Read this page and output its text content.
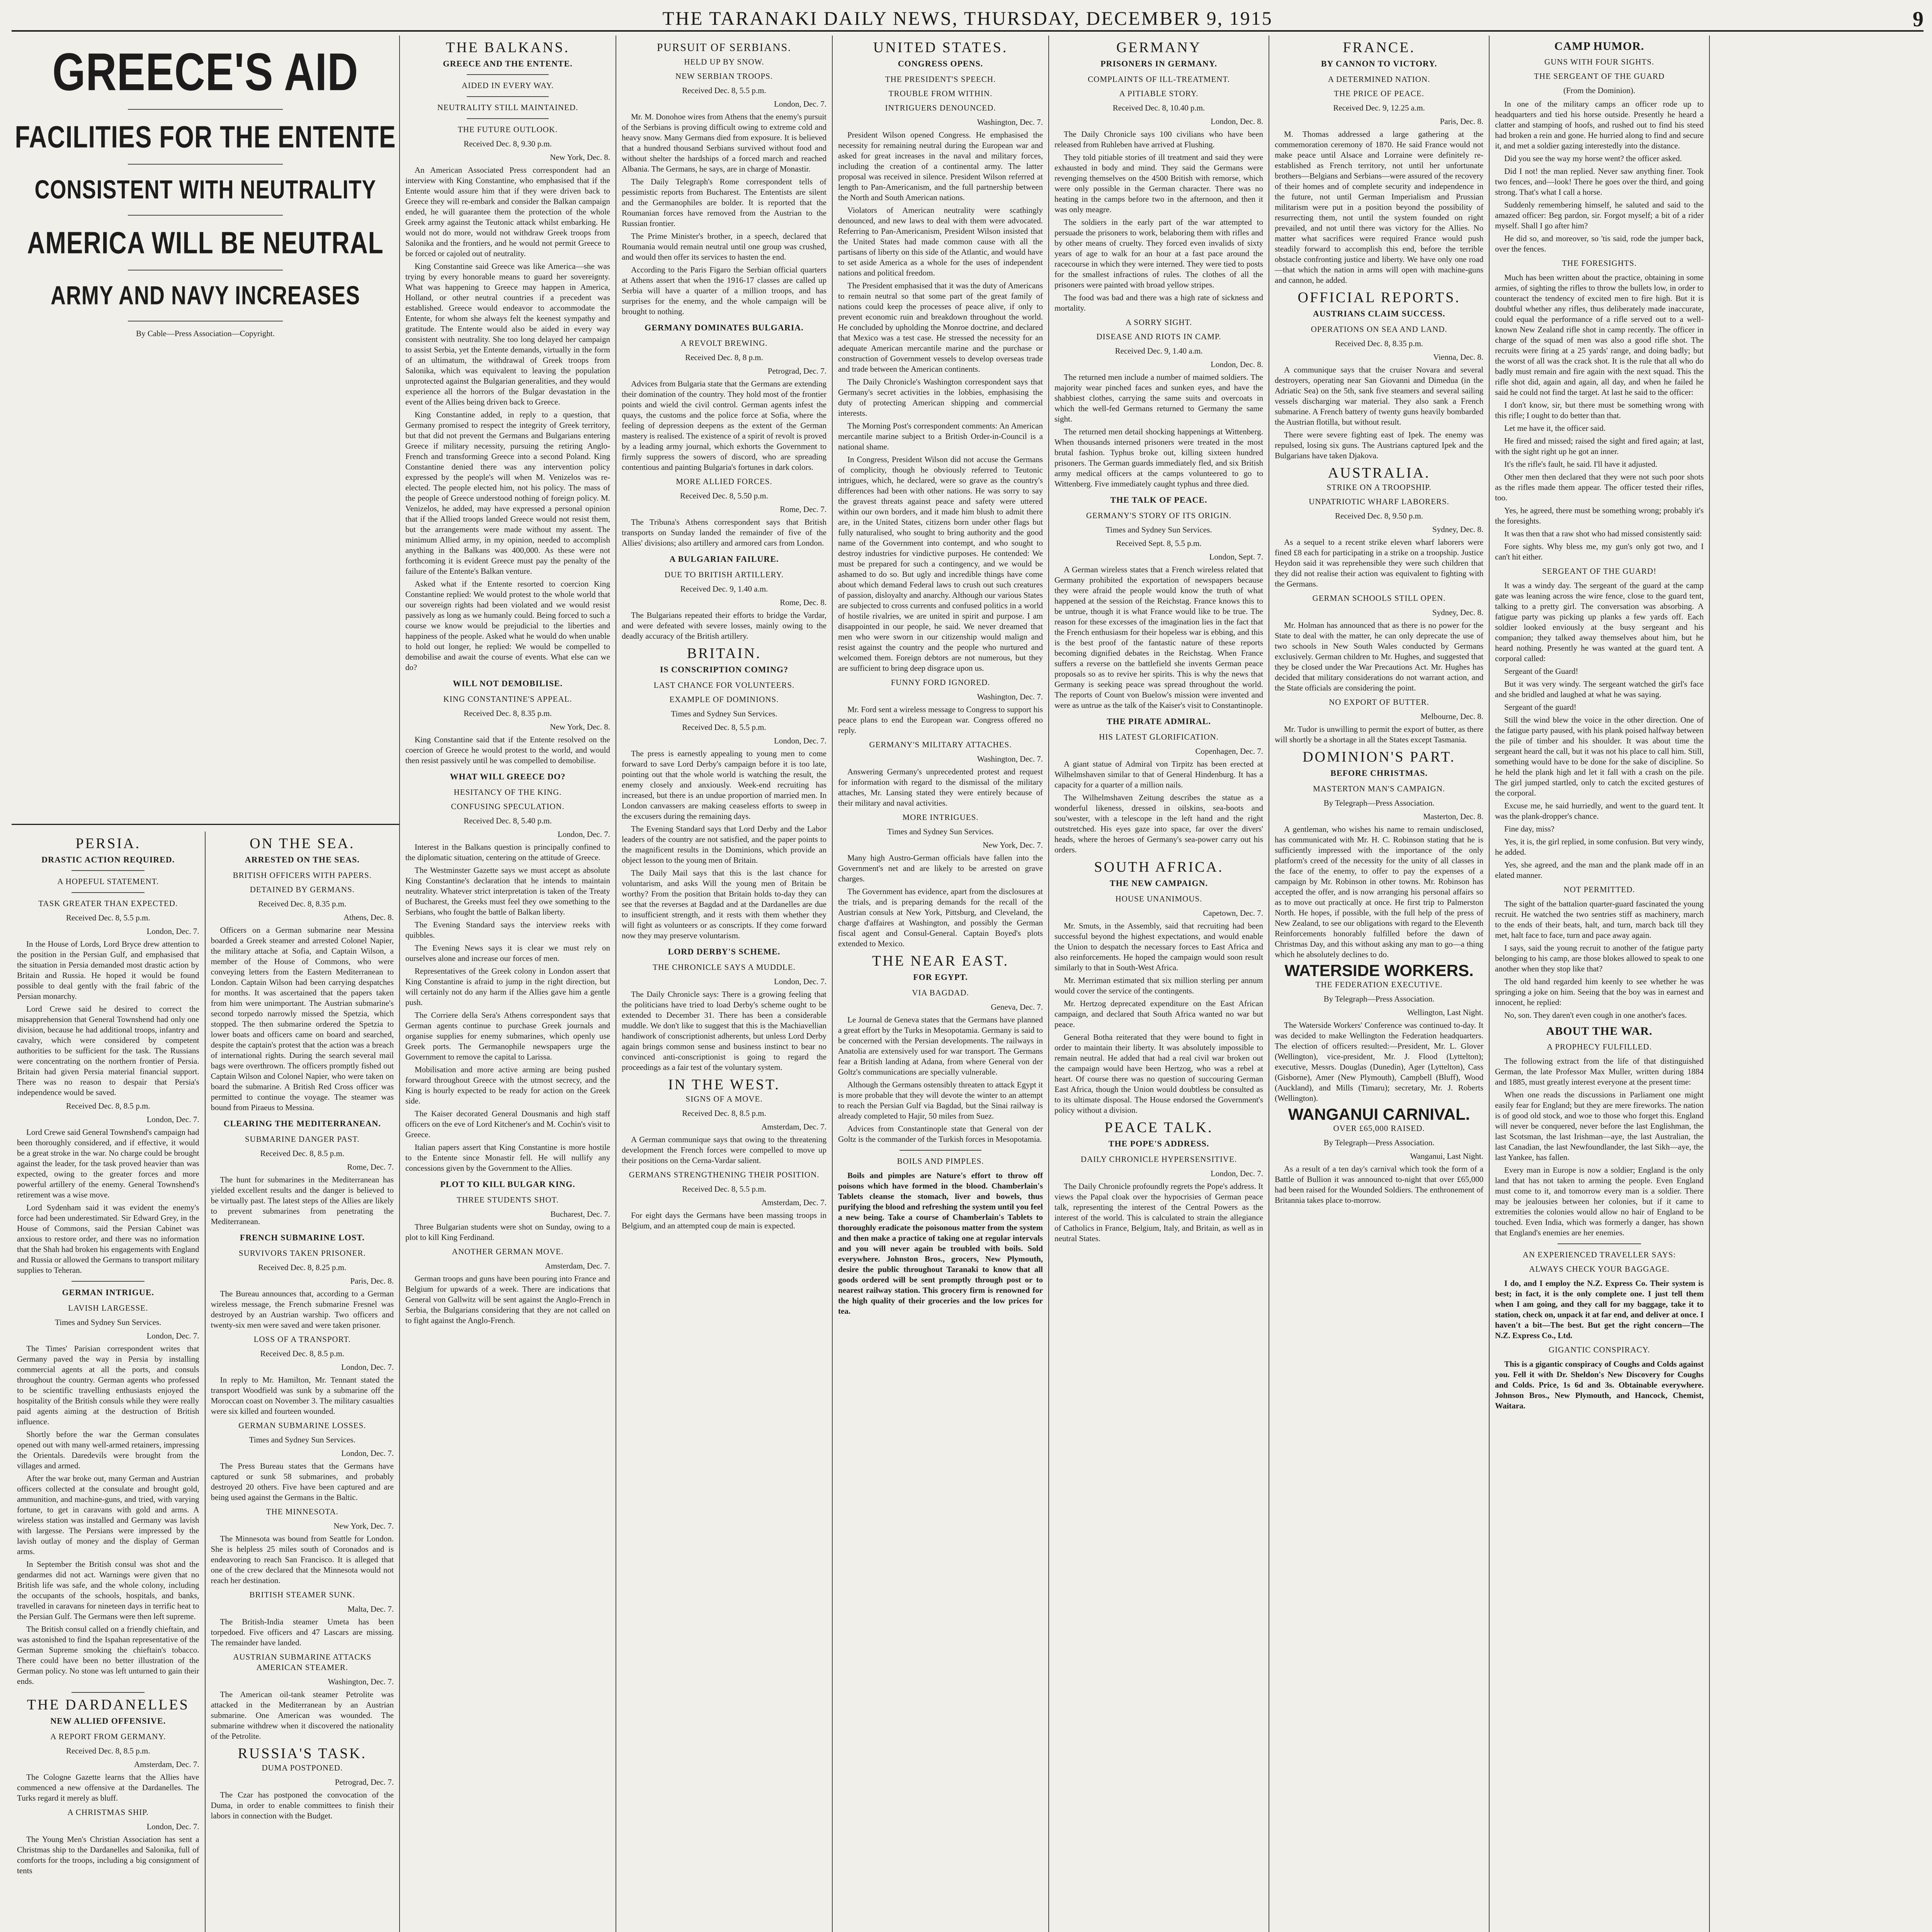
THE TARANAKI DAILY NEWS, THURSDAY, DECEMBER 9, 1915	9
GREECE'S AID
FACILITIES FOR THE ENTENTE
CONSISTENT WITH NEUTRALITY
AMERICA WILL BE NEUTRAL
ARMY AND NAVY INCREASES
By Cable—Press Association—Copyright.
PERSIA.
DRASTIC ACTION REQUIRED.
A HOPEFUL STATEMENT.
TASK GREATER THAN EXPECTED.
Received Dec. 8, 5.5 p.m.
London, Dec. 7.

In the House of Lords, Lord Bryce drew attention to the position in the Persian Gulf, and emphasised that the situation in Persia demanded most drastic action by Britain and Russia. He hoped it would be found possible to deal gently with the frail fabric of the Persian monarchy.

Lord Crewe said he desired to correct the misapprehension that General Townshend had only one division, because he had additional troops, infantry and cavalry, which were considered by competent authorities to be sufficient for the task. The Russians were concentrating on the northern frontier of Persia. Britain had given Persia material financial support. There was no reason to despair that Persia's independence would be saved.

Received Dec. 8, 8.5 p.m.
London, Dec. 7.

Lord Crewe said General Townshend's campaign had been thoroughly considered, and if effective, it would be a great stroke in the war. No charge could be brought against the leader, for the task proved heavier than was expected, owing to the greater forces and more powerful artillery of the enemy. General Townshend's retirement was a wise move.

Lord Sydenham said it was evident the enemy's force had been underestimated. Sir Edward Grey, in the House of Commons, said the Persian Cabinet was anxious to restore order, and there was no information that the Shah had broken his engagements with England and Russia or allowed the Germans to transport military supplies to Teheran.

GERMAN INTRIGUE.
LAVISH LARGESSE.
Times and Sydney Sun Services.
London, Dec. 7.

The Times' Parisian correspondent writes that Germany paved the way in Persia by installing commercial agents at all the ports, and consuls throughout the country. German agents who professed to be scientific travelling enthusiasts enjoyed the hospitality of the British consuls while they were really paid agents aiming at the destruction of British influence.

Shortly before the war the German consulates opened out with many well-armed retainers, impressing the Orientals. Daredevils were brought from the villages and armed.

After the war broke out, many German and Austrian officers collected at the consulate and brought gold, ammunition, and machine-guns, and tried, with varying fortune, to get in caravans with gold and arms. A wireless station was installed and Germany was lavish with largesse. The Persians were impressed by the lavish outlay of money and the display of German arms.

In September the British consul was shot and the gendarmes did not act. Warnings were given that no British life was safe, and the whole colony, including the occupants of the schools, hospitals, and banks, travelled in caravans for nineteen days in terrific heat to the Persian Gulf. The Germans were then left supreme.

The British consul called on a friendly chieftain, and was astonished to find the Ispahan representative of the German Supreme smoking the chieftain's tobacco. There could have been no better illustration of the German policy. No stone was left unturned to gain their ends.

THE DARDANELLES
NEW ALLIED OFFENSIVE.
A REPORT FROM GERMANY.
Received Dec. 8, 8.5 p.m.
Amsterdam, Dec. 7.

The Cologne Gazette learns that the Allies have commenced a new offensive at the Dardanelles. The Turks regard it merely as bluff.

A CHRISTMAS SHIP.
London, Dec. 7.

The Young Men's Christian Association has sent a Christmas ship to the Dardanelles and Salonika, full of comforts for the troops, including a big consignment of tents

ON THE SEA.
ARRESTED ON THE SEAS.
BRITISH OFFICERS WITH PAPERS.
DETAINED BY GERMANS.
Received Dec. 8, 8.35 p.m.
Athens, Dec. 8.

Officers on a German submarine near Messina boarded a Greek steamer and arrested Colonel Napier, the military attache at Sofia, and Captain Wilson, a member of the House of Commons, who were conveying letters from the Eastern Mediterranean to London. Captain Wilson had been carrying despatches for months. It was ascertained that the papers taken from him were unimportant. The Austrian submarine's second torpedo narrowly missed the Spetzia, which stopped. The then submarine ordered the Spetzia to lower boats and officers came on board and searched, despite the captain's protest that the action was a breach of international rights. During the search several mail bags were overthrown. The officers promptly fished out Captain Wilson and Colonel Napier, who were taken on board the submarine. A British Red Cross officer was permitted to continue the voyage. The steamer was bound from Piraeus to Messina.

CLEARING THE MEDITERRANEAN.
SUBMARINE DANGER PAST.
Received Dec. 8, 8.5 p.m.
Rome, Dec. 7.

The hunt for submarines in the Mediterranean has yielded excellent results and the danger is believed to be virtually past. The latest steps of the Allies are likely to prevent submarines from penetrating the Mediterranean.

FRENCH SUBMARINE LOST.
SURVIVORS TAKEN PRISONER.
Received Dec. 8, 8.25 p.m.
Paris, Dec. 8.

The Bureau announces that, according to a German wireless message, the French submarine Fresnel was destroyed by an Austrian warship. Two officers and twenty-six men were saved and were taken prisoner.

LOSS OF A TRANSPORT.
Received Dec. 8, 8.5 p.m.
London, Dec. 7.

In reply to Mr. Hamilton, Mr. Tennant stated the transport Woodfield was sunk by a submarine off the Moroccan coast on November 3. The military casualties were six killed and fourteen wounded.

GERMAN SUBMARINE LOSSES.
Times and Sydney Sun Services.
London, Dec. 7.

The Press Bureau states that the Germans have captured or sunk 58 submarines, and probably destroyed 20 others. Five have been captured and are being used against the Germans in the Baltic.

THE MINNESOTA.
New York, Dec. 7.

The Minnesota was bound from Seattle for London. She is helpless 25 miles south of Coronados and is endeavoring to reach San Francisco. It is alleged that one of the crew declared that the Minnesota would not reach her destination.

BRITISH STEAMER SUNK.
Malta, Dec. 7.

The British-India steamer Umeta has been torpedoed. Five officers and 47 Lascars are missing. The remainder have landed.

AUSTRIAN SUBMARINE ATTACKS AMERICAN STEAMER.
Washington, Dec. 7.

The American oil-tank steamer Petrolite was attacked in the Mediterranean by an Austrian submarine. One American was wounded. The submarine withdrew when it discovered the nationality of the Petrolite.

RUSSIA'S TASK.
DUMA POSTPONED.
Petrograd, Dec. 7.

The Czar has postponed the convocation of the Duma, in order to enable committees to finish their labors in connection with the Budget.

THE BALKANS.
GREECE AND THE ENTENTE.
AIDED IN EVERY WAY.
NEUTRALITY STILL MAINTAINED.
THE FUTURE OUTLOOK.
Received Dec. 8, 9.30 p.m.
New York, Dec. 8.

An American Associated Press correspondent had an interview with King Constantine, who emphasised that if the Entente would assure him that if they were driven back to Greece they will re-embark and consider the Balkan campaign ended, he will guarantee them the protection of the whole Greek army against the Teutonic attack whilst embarking. He would not do more, would not withdraw Greek troops from Salonika and the frontiers, and he would not permit Greece to be forced or cajoled out of neutrality.

King Constantine said Greece was like America—she was trying by every honorable means to guard her sovereignty. What was happening to Greece may happen in America, Holland, or other neutral countries if a precedent was established. Greece would endeavor to accommodate the Entente, for whom she always felt the keenest sympathy and gratitude. The Entente would also be aided in every way consistent with neutrality. She too long delayed her campaign to assist Serbia, yet the Entente demands, virtually in the form of an ultimatum, the withdrawal of Greek troops from Salonika, which was equivalent to leaving the population unprotected against the Bulgarian generalities, and they would experience all the horrors of the Bulgar devastation in the event of the Allies being driven back to Greece.

King Constantine added, in reply to a question, that Germany promised to respect the integrity of Greek territory, but that did not prevent the Germans and Bulgarians entering Greece if military necessity, pursuing the retiring Anglo-French and transforming Greece into a second Poland. King Constantine denied there was any intervention policy expressed by the people's will when M. Venizelos was re-elected. The people elected him, not his policy. The mass of the people of Greece understood nothing of foreign policy. M. Venizelos, he added, may have expressed a personal opinion that if the Allied troops landed Greece would not resist them, but the arrangements were made without my assent. The minimum Allied army, in my opinion, needed to accomplish anything in the Balkans was 400,000. As these were not forthcoming it is evident Greece must pay the penalty of the failure of the Entente's Balkan venture.

Asked what if the Entente resorted to coercion King Constantine replied: We would protest to the whole world that our sovereign rights had been violated and we would resist passively as long as we humanly could. Being forced to such a course we know would be prejudicial to the liberties and happiness of the people. Asked what he would do when unable to hold out longer, he replied: We would be compelled to demobilise and await the course of events. What else can we do?

WILL NOT DEMOBILISE.
KING CONSTANTINE'S APPEAL.
Received Dec. 8, 8.35 p.m.
New York, Dec. 8.

King Constantine said that if the Entente resolved on the coercion of Greece he would protest to the world, and would then resist passively until he was compelled to demobilise.

WHAT WILL GREECE DO?
HESITANCY OF THE KING.
CONFUSING SPECULATION.
Received Dec. 8, 5.40 p.m.
London, Dec. 7.

Interest in the Balkans question is principally confined to the diplomatic situation, centering on the attitude of Greece.

The Westminster Gazette says we must accept as absolute King Constantine's declaration that he intends to maintain neutrality. Whatever strict interpretation is taken of the Treaty of Bucharest, the Greeks must feel they owe something to the Serbians, who fought the battle of Balkan liberty.

The Evening Standard says the interview reeks with quibbles.

The Evening News says it is clear we must rely on ourselves alone and increase our forces of men.

Representatives of the Greek colony in London assert that King Constantine is afraid to jump in the right direction, but will certainly not do any harm if the Allies gave him a gentle push.

The Corriere della Sera's Athens correspondent says that German agents continue to purchase Greek journals and organise supplies for enemy submarines, which openly use Greek ports. The Germanophile newspapers urge the Government to remove the capital to Larissa.

Mobilisation and more active arming are being pushed forward throughout Greece with the utmost secrecy, and the King is hourly expected to be ready for action on the Greek side.

The Kaiser decorated General Dousmanis and high staff officers on the eve of Lord Kitchener's and M. Cochin's visit to Greece.

Italian papers assert that King Constantine is more hostile to the Entente since Monastir fell. He will nullify any concessions given by the Government to the Allies.

PLOT TO KILL BULGAR KING.
THREE STUDENTS SHOT.
Bucharest, Dec. 7.

Three Bulgarian students were shot on Sunday, owing to a plot to kill King Ferdinand.

ANOTHER GERMAN MOVE.
Amsterdam, Dec. 7.

German troops and guns have been pouring into France and Belgium for upwards of a week. There are indications that General von Gallwitz will be sent against the Anglo-French in Serbia, the Bulgarians considering that they are not called on to fight against the Anglo-French.

PURSUIT OF SERBIANS.
HELD UP BY SNOW.
NEW SERBIAN TROOPS.
Received Dec. 8, 5.5 p.m.
London, Dec. 7.

Mr. M. Donohoe wires from Athens that the enemy's pursuit of the Serbians is proving difficult owing to extreme cold and heavy snow. Many Germans died from exposure. It is believed that a hundred thousand Serbians survived without food and without shelter the hardships of a forced march and reached Albania. The Germans, he says, are in charge of Monastir.

The Daily Telegraph's Rome correspondent tells of pessimistic reports from Bucharest. The Ententists are silent and the Germanophiles are bolder. It is reported that the Roumanian forces have removed from the Austrian to the Russian frontier.

The Prime Minister's brother, in a speech, declared that Roumania would remain neutral until one group was crushed, and would then offer its services to hasten the end.

According to the Paris Figaro the Serbian official quarters at Athens assert that when the 1916-17 classes are called up Serbia will have a quarter of a million troops, and has surprises for the enemy, and the whole campaign will be brought to nothing.

GERMANY DOMINATES BULGARIA.
A REVOLT BREWING.
Received Dec. 8, 8 p.m.
Petrograd, Dec. 7.

Advices from Bulgaria state that the Germans are extending their domination of the country. They hold most of the frontier points and wield the civil control. German agents infest the quays, the customs and the police force at Sofia, where the feeling of depression deepens as the extent of the German mastery is realised. The existence of a spirit of revolt is proved by a leading army journal, which exhorts the Government to firmly suppress the sowers of discord, who are spreading contentious and painting Bulgaria's fortunes in dark colors.

MORE ALLIED FORCES.
Received Dec. 8, 5.50 p.m.
Rome, Dec. 7.

The Tribuna's Athens correspondent says that British transports on Sunday landed the remainder of five of the Allies' divisions; also artillery and armored cars from London.

A BULGARIAN FAILURE.
DUE TO BRITISH ARTILLERY.
Received Dec. 9, 1.40 a.m.
Rome, Dec. 8.

The Bulgarians repeated their efforts to bridge the Vardar, and were defeated with severe losses, mainly owing to the deadly accuracy of the British artillery.

BRITAIN.
IS CONSCRIPTION COMING?
LAST CHANCE FOR VOLUNTEERS.
EXAMPLE OF DOMINIONS.
Times and Sydney Sun Services.
Received Dec. 8, 5.5 p.m.
London, Dec. 7.

The press is earnestly appealing to young men to come forward to save Lord Derby's campaign before it is too late, pointing out that the whole world is watching the result, the enemy closely and anxiously. Week-end recruiting has increased, but there is an undue proportion of married men. In London canvassers are making ceaseless efforts to sweep in the excusers during the remaining days.

The Evening Standard says that Lord Derby and the Labor leaders of the country are not satisfied, and the paper points to the magnificent results in the Dominions, which provide an object lesson to the young men of Britain.

The Daily Mail says that this is the last chance for voluntarism, and asks Will the young men of Britain be worthy? From the position that Britain holds to-day they can see that the reverses at Bagdad and at the Dardanelles are due to insufficient strength, and it rests with them whether they will fight as volunteers or as conscripts. If they come forward now they may preserve voluntarism.

LORD DERBY'S SCHEME.
THE CHRONICLE SAYS A MUDDLE.
London, Dec. 7.

The Daily Chronicle says: There is a growing feeling that the politicians have tried to load Derby's scheme ought to be extended to December 31. There has been a considerable muddle. We don't like to suggest that this is the Machiavellian handiwork of conscriptionist adherents, but unless Lord Derby again brings common sense and business instinct to bear no convinced anti-conscriptionist is going to regard the proceedings as a fair test of the voluntary system.

IN THE WEST.
SIGNS OF A MOVE.
Received Dec. 8, 8.5 p.m.
Amsterdam, Dec. 7.

A German communique says that owing to the threatening development the French forces were compelled to move up their positions on the Cerna-Vardar salient.

GERMANS STRENGTHENING THEIR POSITION.
Received Dec. 8, 5.5 p.m.
Amsterdam, Dec. 7.

For eight days the Germans have been massing troops in Belgium, and an attempted coup de main is expected.

UNITED STATES.
CONGRESS OPENS.
THE PRESIDENT'S SPEECH.
TROUBLE FROM WITHIN.
INTRIGUERS DENOUNCED.
Washington, Dec. 7.

President Wilson opened Congress. He emphasised the necessity for remaining neutral during the European war and asked for great increases in the naval and military forces, including the creation of a continental army. The latter proposal was received in silence. President Wilson referred at length to Pan-Americanism, and the full partnership between the North and South American nations.

Violators of American neutrality were scathingly denounced, and new laws to deal with them were advocated. Referring to Pan-Americanism, President Wilson insisted that the United States had made common cause with all the partisans of liberty on this side of the Atlantic, and would have to set aside America as a whole for the uses of independent nations and political freedom.

The President emphasised that it was the duty of Americans to remain neutral so that some part of the great family of nations could keep the processes of peace alive, if only to prevent economic ruin and breakdown throughout the world. He concluded by upholding the Monroe doctrine, and declared that Mexico was a test case. He stressed the necessity for an adequate American mercantile marine and the purchase or construction of Government vessels to develop overseas trade and trade between the American continents.

The Daily Chronicle's Washington correspondent says that Germany's secret activities in the lobbies, emphasising the duty of protecting American shipping and commercial interests.

The Morning Post's correspondent comments: An American mercantile marine subject to a British Order-in-Council is a national shame.

In Congress, President Wilson did not accuse the Germans of complicity, though he obviously referred to Teutonic intrigues, which, he declared, were so grave as the country's differences had been with other nations. He was sorry to say the gravest threats against peace and safety were uttered within our own borders, and it made him blush to admit there are, in the United States, citizens born under other flags but fully naturalised, who sought to bring authority and the good name of the Government into contempt, and who sought to destroy industries for vindictive purposes. He contended: We must be prepared for such a contingency, and we would be ashamed to do so. But ugly and incredible things have come about which demand Federal laws to crush out such creatures of passion, disloyalty and anarchy. Although our various States are subjected to cross currents and confused politics in a world of hostile rivalries, we are united in spirit and purpose. I am disappointed in our people, he said. We never dreamed that men who were sworn in our citizenship would malign and resist against the country and the people who nurtured and welcomed them. Foreign debtors are not numerous, but they are sufficient to bring deep disgrace upon us.

FUNNY FORD IGNORED.
Washington, Dec. 7.

Mr. Ford sent a wireless message to Congress to support his peace plans to end the European war. Congress offered no reply.

GERMANY'S MILITARY ATTACHES.
Washington, Dec. 7.

Answering Germany's unprecedented protest and request for information with regard to the dismissal of the military attaches, Mr. Lansing stated they were entirely because of their military and naval activities.

MORE INTRIGUES.
Times and Sydney Sun Services.
New York, Dec. 7.

Many high Austro-German officials have fallen into the Government's net and are likely to be arrested on grave charges.

The Government has evidence, apart from the disclosures at the trials, and is preparing demands for the recall of the Austrian consuls at New York, Pittsburg, and Cleveland, the charge d'affaires at Washington, and possibly the German fiscal agent and Consul-General. Captain Boyed's plots extended to Mexico.

THE NEAR EAST.
FOR EGYPT.
VIA BAGDAD.
Geneva, Dec. 7.

Le Journal de Geneva states that the Germans have planned a great effort by the Turks in Mesopotamia. Germany is said to be concerned with the Persian developments. The railways in Anatolia are extensively used for war transport. The Germans fear a British landing at Adana, from where General von der Goltz's communications are specially vulnerable.

Although the Germans ostensibly threaten to attack Egypt it is more probable that they will devote the winter to an attempt to reach the Persian Gulf via Bagdad, but the Sinai railway is already completed to Hajir, 50 miles from Suez.

Advices from Constantinople state that General von der Goltz is the commander of the Turkish forces in Mesopotamia.

BOILS AND PIMPLES.

Boils and pimples are Nature's effort to throw off poisons which have formed in the blood. Chamberlain's Tablets cleanse the stomach, liver and bowels, thus purifying the blood and refreshing the system until you feel a new being. Take a course of Chamberlain's Tablets to thoroughly eradicate the poisonous matter from the system and then make a practice of taking one at regular intervals and you will never again be troubled with boils. Sold everywhere. Johnston Bros., grocers, New Plymouth, desire the public throughout Taranaki to know that all goods ordered will be sent promptly through post or to nearest railway station. This grocery firm is renowned for the high quality of their groceries and the low prices for tea.

GERMANY
PRISONERS IN GERMANY.
COMPLAINTS OF ILL-TREATMENT.
A PITIABLE STORY.
Received Dec. 8, 10.40 p.m.
London, Dec. 8.

The Daily Chronicle says 100 civilians who have been released from Ruhleben have arrived at Flushing.

They told pitiable stories of ill treatment and said they were exhausted in body and mind. They said the Germans were revenging themselves on the 4500 British with remorse, which were only possible in the German character. There was no heating in the camps before two in the afternoon, and then it was only meagre.

The soldiers in the early part of the war attempted to persuade the prisoners to work, belaboring them with rifles and by other means of cruelty. They forced even invalids of sixty years of age to walk for an hour at a fast pace around the racecourse in which they were interned. They were tied to posts for the smallest infractions of rules. The clothes of all the prisoners were painted with broad yellow stripes.

The food was bad and there was a high rate of sickness and mortality.

A SORRY SIGHT.
DISEASE AND RIOTS IN CAMP.
Received Dec. 9, 1.40 a.m.
London, Dec. 8.

The returned men include a number of maimed soldiers. The majority wear pinched faces and sunken eyes, and have the shabbiest clothes, carrying the same suits and overcoats in which the well-fed Germans returned to Germany the same sight.

The returned men detail shocking happenings at Wittenberg. When thousands interned prisoners were treated in the most brutal fashion. Typhus broke out, killing sixteen hundred prisoners. The German guards immediately fled, and six British army medical officers at the camps volunteered to go to Wittenberg. Five immediately caught typhus and three died.

THE TALK OF PEACE.
GERMANY'S STORY OF ITS ORIGIN.
Times and Sydney Sun Services.
Received Sept. 8, 5.5 p.m.
London, Sept. 7.

A German wireless states that a French wireless related that Germany prohibited the exportation of newspapers because they were afraid the people would know the truth of what happened at the session of the Reichstag. France knows this to be untrue, though it is what France would like to be true. The reason for these excesses of the imagination lies in the fact that the French enthusiasm for their hopeless war is ebbing, and this is the best proof of the fantastic nature of these reports becoming dignified debates in the Reichstag. When France suffers a reverse on the battlefield she invents German peace proposals so as to revive her spirits. This is why the news that Germany is seeking peace was spread throughout the world. The reports of Count von Buelow's mission were invented and were as untrue as the talk of the Kaiser's visit to Constantinople.

THE PIRATE ADMIRAL.
HIS LATEST GLORIFICATION.
Copenhagen, Dec. 7.

A giant statue of Admiral von Tirpitz has been erected at Wilhelmshaven similar to that of General Hindenburg. It has a capacity for a quarter of a million nails.

The Wilhelmshaven Zeitung describes the statue as a wonderful likeness, dressed in oilskins, sea-boots and sou'wester, with a telescope in the left hand and the right outstretched. His eyes gaze into space, far over the divers' heads, where the heroes of Germany's sea-power carry out his orders.

SOUTH AFRICA.
THE NEW CAMPAIGN.
HOUSE UNANIMOUS.
Capetown, Dec. 7.

Mr. Smuts, in the Assembly, said that recruiting had been successful beyond the highest expectations, and would enable the Union to despatch the necessary forces to East Africa and also reinforcements. He hoped the campaign would soon result similarly to that in South-West Africa.

Mr. Merriman estimated that six million sterling per annum would cover the service of the contingents.

Mr. Hertzog deprecated expenditure on the East African campaign, and declared that South Africa wanted no war but peace.

General Botha reiterated that they were bound to fight in order to maintain their liberty. It was absolutely impossible to remain neutral. He added that had a real civil war broken out the campaign would have been Hertzog, who was a rebel at heart. Of course there was no question of succouring German East Africa, though the Union would doubtless be consulted as to its ultimate disposal. The House endorsed the Government's policy without a division.

PEACE TALK.
THE POPE'S ADDRESS.
DAILY CHRONICLE HYPERSENSITIVE.
London, Dec. 7.

The Daily Chronicle profoundly regrets the Pope's address. It views the Papal cloak over the hypocrisies of German peace talk, representing the interest of the Central Powers as the interest of the world. This is calculated to strain the allegiance of Catholics in France, Belgium, Italy, and Britain, as well as in neutral States.

FRANCE.
BY CANNON TO VICTORY.
A DETERMINED NATION.
THE PRICE OF PEACE.
Received Dec. 9, 12.25 a.m.
Paris, Dec. 8.

M. Thomas addressed a large gathering at the commemoration ceremony of 1870. He said France would not make peace until Alsace and Lorraine were definitely re-established as French territory, not until her unfortunate brothers—Belgians and Serbians—were assured of the recovery of their homes and of complete security and independence in the future, not until German Imperialism and Prussian militarism were put in a position beyond the possibility of resurrecting them, not until the system founded on right prevailed, and not until there was victory for the Allies. No matter what sacrifices were required France would push steadily forward to accomplish this end, before the terrible obstacle confronting justice and liberty. We have only one road—that which the nation in arms will open with machine-guns and cannon, he added.

OFFICIAL REPORTS.
AUSTRIANS CLAIM SUCCESS.
OPERATIONS ON SEA AND LAND.
Received Dec. 8, 8.35 p.m.
Vienna, Dec. 8.

A communique says that the cruiser Novara and several destroyers, operating near San Giovanni and Dimedua (in the Adriatic Sea) on the 5th, sank five steamers and several sailing vessels discharging war material. They also sank a French submarine. A French battery of twenty guns heavily bombarded the Austrian flotilla, but without result.

There were severe fighting east of Ipek. The enemy was repulsed, losing six guns. The Austrians captured Ipek and the Bulgarians have taken Djakova.

AUSTRALIA.
STRIKE ON A TROOPSHIP.
UNPATRIOTIC WHARF LABORERS.
Received Dec. 8, 9.50 p.m.
Sydney, Dec. 8.

As a sequel to a recent strike eleven wharf laborers were fined £8 each for participating in a strike on a troopship. Justice Heydon said it was reprehensible they were such children that they did not realise their action was equivalent to fighting with the Germans.

GERMAN SCHOOLS STILL OPEN.
Sydney, Dec. 8.

Mr. Holman has announced that as there is no power for the State to deal with the matter, he can only deprecate the use of two schools in New South Wales conducted by Germans exclusively. German children to Mr. Hughes, and suggested that they be closed under the War Precautions Act. Mr. Hughes has decided that military considerations do not warrant action, and the State officials are considering the point.

NO EXPORT OF BUTTER.
Melbourne, Dec. 8.

Mr. Tudor is unwilling to permit the export of butter, as there will shortly be a shortage in all the States except Tasmania.

DOMINION'S PART.
BEFORE CHRISTMAS.
MASTERTON MAN'S CAMPAIGN.
By Telegraph—Press Association.
Masterton, Dec. 8.

A gentleman, who wishes his name to remain undisclosed, has communicated with Mr. H. C. Robinson stating that he is sufficiently impressed with the importance of the only platform's creed of the necessity for the unity of all classes in the face of the enemy, to offer to pay the expenses of a campaign by Mr. Robinson in other towns. Mr. Robinson has accepted the offer, and is now arranging his personal affairs so as to move out practically at once. He first trip to Palmerston North. He hopes, if possible, with the full help of the press of New Zealand, to see our obligations with regard to the Eleventh Reinforcements honorably fulfilled before the dawn of Christmas Day, and this without asking any man to go—a thing which he absolutely declines to do.

WATERSIDE WORKERS.
THE FEDERATION EXECUTIVE.
By Telegraph—Press Association.
Wellington, Last Night.

The Waterside Workers' Conference was continued to-day. It was decided to make Wellington the Federation headquarters. The election of officers resulted:—President, Mr. L. Glover (Wellington), vice-president, Mr. J. Flood (Lyttelton); executive, Messrs. Douglas (Dunedin), Ager (Lyttelton), Cass (Gisborne), Amer (New Plymouth), Campbell (Bluff), Wood (Auckland), and Mills (Timaru); secretary, Mr. J. Roberts (Wellington).

WANGANUI CARNIVAL.
OVER £65,000 RAISED.
By Telegraph—Press Association.
Wanganui, Last Night.

As a result of a ten day's carnival which took the form of a Battle of Bullion it was announced to-night that over £65,000 had been raised for the Wounded Soldiers. The enthronement of Britannia takes place to-morrow.

CAMP HUMOR.
GUNS WITH FOUR SIGHTS.
THE SERGEANT OF THE GUARD
(From the Dominion).

In one of the military camps an officer rode up to headquarters and tied his horse outside. Presently he heard a clatter and stamping of hoofs, and rushed out to find his steed had broken a rein and gone. He hurried along to find and secure it, and met a soldier gazing interestedly into the distance.

Did you see the way my horse went? the officer asked.

Did I not! the man replied. Never saw anything finer. Took two fences, and—look! There he goes over the third, and going strong. That's what I call a horse.

Suddenly remembering himself, he saluted and said to the amazed officer: Beg pardon, sir. Forgot myself; a bit of a rider myself. Shall I go after him?

He did so, and moreover, so 'tis said, rode the jumper back, over the fences.

THE FORESIGHTS.

Much has been written about the practice, obtaining in some armies, of sighting the rifles to throw the bullets low, in order to counteract the tendency of excited men to fire high. But it is doubtful whether any rifles, thus deliberately made inaccurate, could equal the performance of a rifle served out to a well-known New Zealand rifle shot in camp recently. The officer in charge of the squad of men was also a good rifle shot. The recruits were firing at a 25 yards' range, and doing badly; but the worst of all was the crack shot. It is the rule that all who do badly must remain and fire again with the next squad. This the rifle shot did, again and again, all day, and when he failed he said he could not find the target. At last he said to the officer:

I don't know, sir, but there must be something wrong with this rifle; I ought to do better than that.

Let me have it, the officer said.

He fired and missed; raised the sight and fired again; at last, with the sight right up he got an inner.

It's the rifle's fault, he said. I'll have it adjusted.

Other men then declared that they were not such poor shots as the rifles made them appear. The officer tested their rifles, too.

Yes, he agreed, there must be something wrong; probably it's the foresights.

It was then that a raw shot who had missed consistently said:

Fore sights. Why bless me, my gun's only got two, and I can't hit either.

SERGEANT OF THE GUARD!

It was a windy day. The sergeant of the guard at the camp gate was leaning across the wire fence, close to the guard tent, talking to a pretty girl. The conversation was absorbing. A fatigue party was picking up planks a few yards off. Each soldier looked enviously at the busy sergeant and his companion; they talked away themselves about him, but he heard nothing. Presently he was wanted at the guard tent. A corporal called:

Sergeant of the Guard!

But it was very windy. The sergeant watched the girl's face and she bridled and laughed at what he was saying.

Sergeant of the guard!

Still the wind blew the voice in the other direction. One of the fatigue party paused, with his plank poised halfway between the pile of timber and his shoulder. It was about time the sergeant heard the call, but it was not his place to call him. Still, something would have to be done for the sake of discipline. So he held the plank high and let it fall with a crash on the pile. The girl jumped startled, only to catch the excited gestures of the corporal.

Excuse me, he said hurriedly, and went to the guard tent. It was the plank-dropper's chance.

Fine day, miss?

Yes, it is, the girl replied, in some confusion. But very windy, he added.

Yes, she agreed, and the man and the plank made off in an elated manner.

NOT PERMITTED.

The sight of the battalion quarter-guard fascinated the young recruit. He watched the two sentries stiff as machinery, march to the ends of their beats, halt, and turn, march back till they met, halt face to face, turn and pace away again.

I says, said the young recruit to another of the fatigue party belonging to his camp, are those blokes allowed to speak to one another when they stop like that?

The old hand regarded him keenly to see whether he was springing a joke on him. Seeing that the boy was in earnest and innocent, he replied:

No, son. They daren't even cough in one another's faces.

ABOUT THE WAR.
A PROPHECY FULFILLED.

The following extract from the life of that distinguished German, the late Professor Max Muller, written during 1884 and 1885, must greatly interest everyone at the present time:

When one reads the discussions in Parliament one might easily fear for England; but they are mere fireworks. The nation is of good old stock, and woe to those who forget this. England will never be conquered, never before the last Englishman, the last Scotsman, the last Irishman—aye, the last Australian, the last Canadian, the last Newfoundlander, the last Sikh—aye, the last Yankee, has fallen.

Every man in Europe is now a soldier; England is the only land that has not taken to arming the people. Even England must come to it, and tomorrow every man is a soldier. There may be jealousies between her colonies, but if it came to extremities the colonies would allow no hair of England to be touched. Even India, which was formerly a danger, has shown that England's enemies are her enemies.

AN EXPERIENCED TRAVELLER SAYS:
ALWAYS CHECK YOUR BAGGAGE.

I do, and I employ the N.Z. Express Co. Their system is best; in fact, it is the only complete one. I just tell them when I am going, and they call for my baggage, take it to station, check on, unpack it at far end, and deliver at once. I haven't a bit—The best. But get the right concern—The N.Z. Express Co., Ltd.

GIGANTIC CONSPIRACY.

This is a gigantic conspiracy of Coughs and Colds against you. Fell it with Dr. Sheldon's New Discovery for Coughs and Colds. Price, 1s 6d and 3s. Obtainable everywhere. Johnson Bros., New Plymouth, and Hancock, Chemist, Waitara.
